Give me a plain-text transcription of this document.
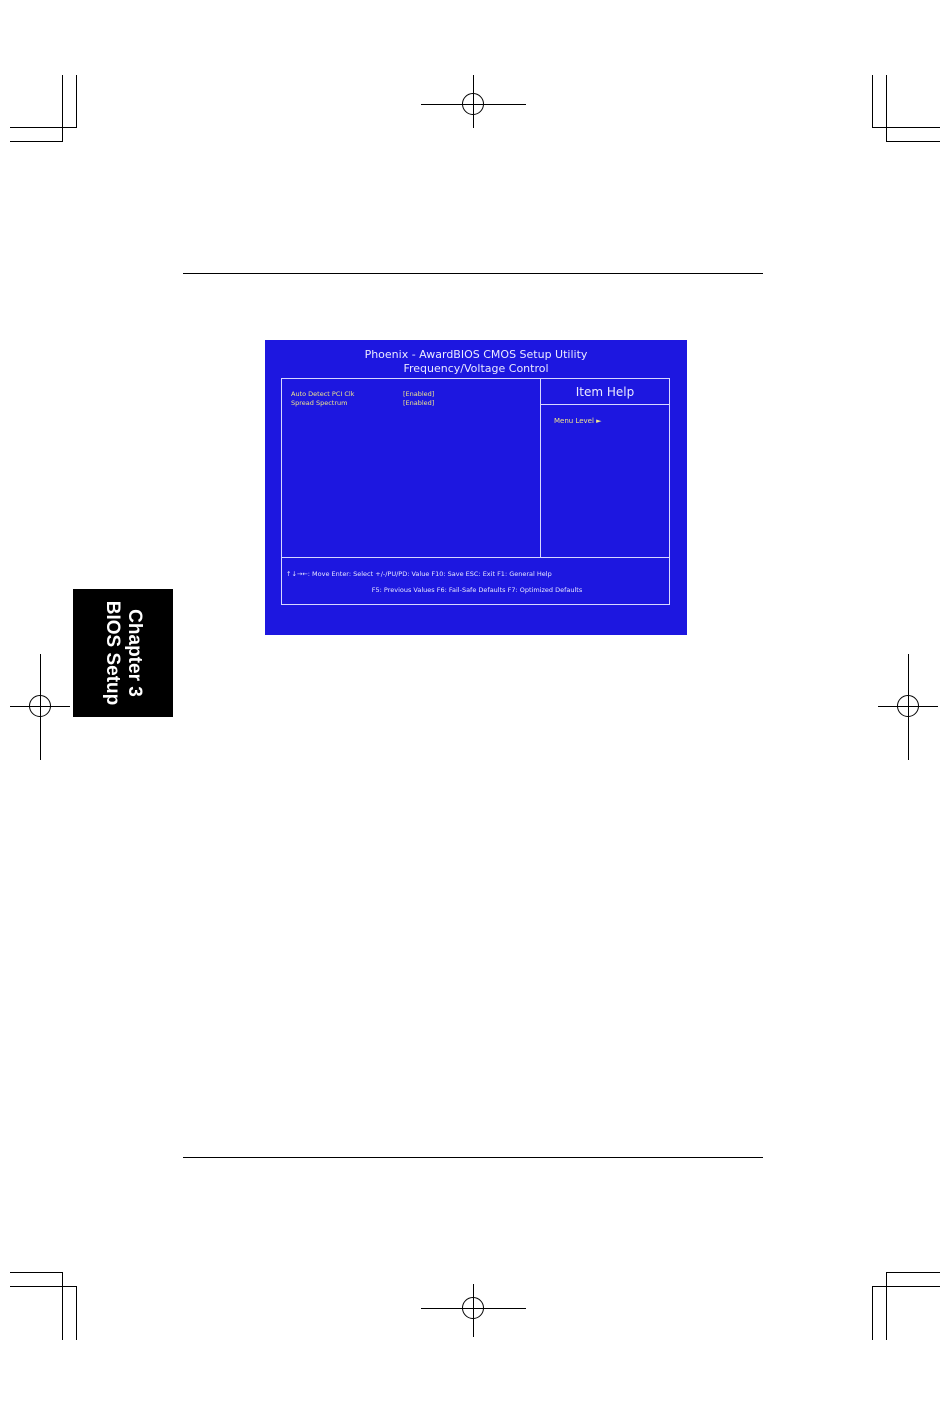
Chapter 3
BIOS Setup
Phoenix - AwardBIOS CMOS Setup Utility
Frequency/Voltage Control
Auto Detect PCI Clk	[Enabled]
Spread Spectrum	[Enabled]
Item Help
Menu Level ►
↑↓→←: Move Enter: Select +/-/PU/PD: Value F10: Save ESC: Exit F1: General Help
F5: Previous Values F6: Fail-Safe Defaults F7: Optimized Defaults
